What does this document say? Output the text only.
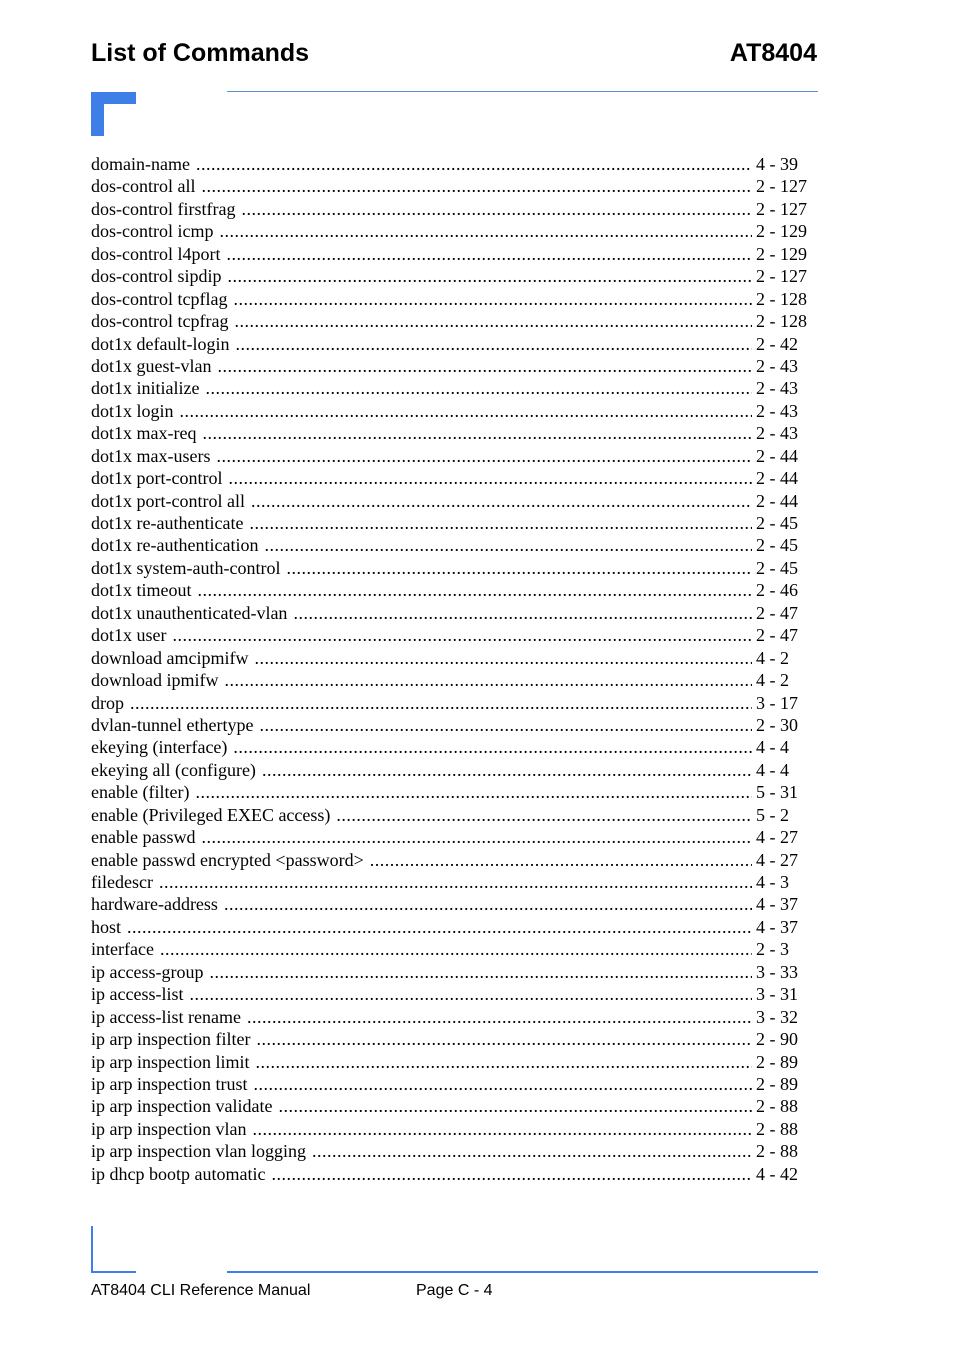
List of Commands	AT8404
domain-name .....	4 - 39
dos-control all .....	2 - 127
dos-control firstfrag .....	2 - 127
dos-control icmp .....	2 - 129
dos-control l4port .....	2 - 129
dos-control sipdip .....	2 - 127
dos-control tcpflag .....	2 - 128
dos-control tcpfrag .....	2 - 128
dot1x default-login .....	2 - 42
dot1x guest-vlan .....	2 - 43
dot1x initialize .....	2 - 43
dot1x login .....	2 - 43
dot1x max-req .....	2 - 43
dot1x max-users .....	2 - 44
dot1x port-control .....	2 - 44
dot1x port-control all .....	2 - 44
dot1x re-authenticate .....	2 - 45
dot1x re-authentication .....	2 - 45
dot1x system-auth-control .....	2 - 45
dot1x timeout .....	2 - 46
dot1x unauthenticated-vlan .....	2 - 47
dot1x user .....	2 - 47
download amcipmifw .....	4 - 2
download ipmifw .....	4 - 2
drop .....	3 - 17
dvlan-tunnel ethertype .....	2 - 30
ekeying (interface) .....	4 - 4
ekeying all (configure) .....	4 - 4
enable (filter) .....	5 - 31
enable (Privileged EXEC access) .....	5 - 2
enable passwd .....	4 - 27
enable passwd encrypted <password> .....	4 - 27
filedescr .....	4 - 3
hardware-address .....	4 - 37
host .....	4 - 37
interface .....	2 - 3
ip access-group .....	3 - 33
ip access-list .....	3 - 31
ip access-list rename .....	3 - 32
ip arp inspection filter .....	2 - 90
ip arp inspection limit .....	2 - 89
ip arp inspection trust .....	2 - 89
ip arp inspection validate .....	2 - 88
ip arp inspection vlan .....	2 - 88
ip arp inspection vlan logging .....	2 - 88
ip dhcp bootp automatic .....	4 - 42
AT8404 CLI Reference Manual	Page C - 4
